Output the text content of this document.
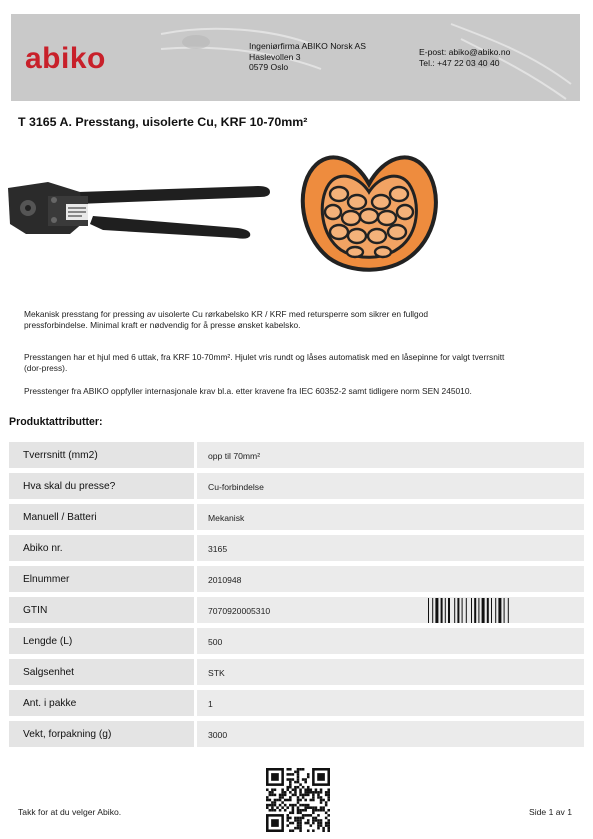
abiko	Ingeniørfirma ABIKO Norsk AS
Haslevollen 3
0579 Oslo
E-post: abiko@abiko.no
Tel.: +47 22 03 40 40
T 3165 A. Presstang, uisolerte Cu, KRF 10-70mm²
Mekanisk presstang for pressing av uisolerte Cu rørkabelsko KR / KRF med retursperre som sikrer en fullgod
pressforbindelse. Minimal kraft er nødvendig for å presse ønsket kabelsko.
Presstangen har et hjul med 6 uttak, fra KRF 10-70mm². Hjulet vris rundt og låses automatisk med en låsepinne for valgt tverrsnitt
(dor-press).
Presstenger fra ABIKO oppfyller internasjonale krav bl.a. etter kravene fra IEC 60352-2 samt tidligere norm SEN 245010.
Produktattributter:
Tverrsnitt (mm2)	opp til 70mm²
Hva skal du presse?	Cu-forbindelse
Manuell / Batteri	Mekanisk
Abiko nr.	3165
Elnummer	2010948
GTIN	7070920005310
Lengde (L)	500
Salgsenhet	STK
Ant. i pakke	1
Vekt, forpakning (g)	3000
Takk for at du velger Abiko.	Side 1 av 1
